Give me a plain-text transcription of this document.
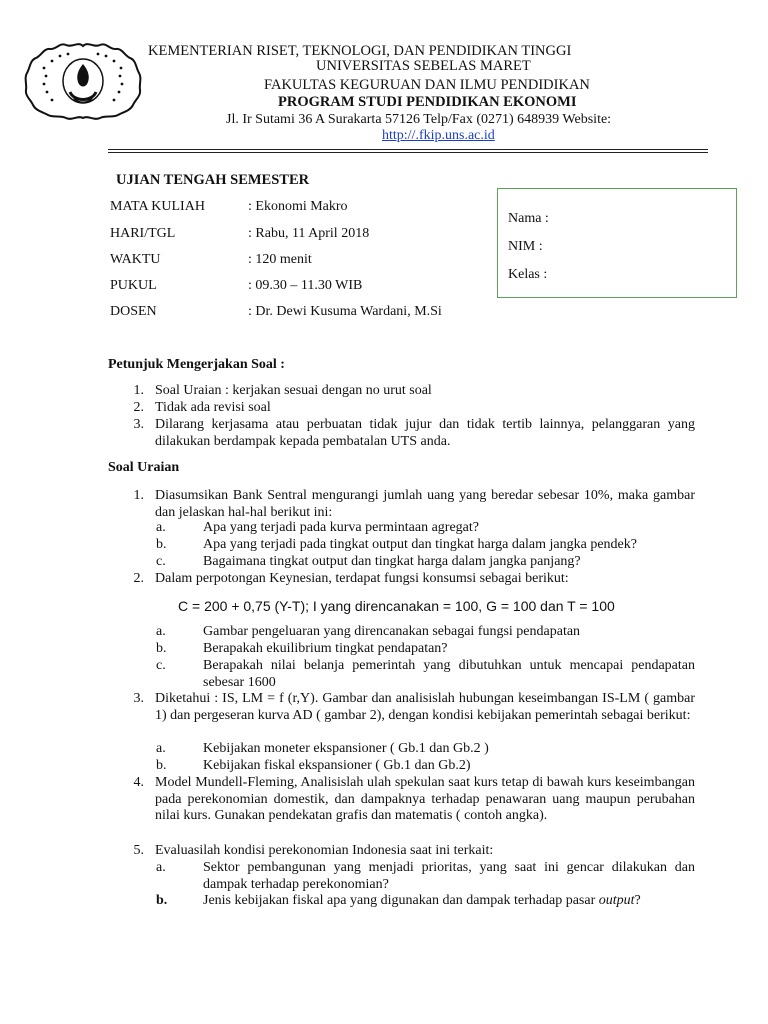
KEMENTERIAN RISET, TEKNOLOGI, DAN PENDIDIKAN TINGGI
UNIVERSITAS SEBELAS MARET
FAKULTAS KEGURUAN DAN ILMU PENDIDIKAN
PROGRAM STUDI PENDIDIKAN EKONOMI
Jl. Ir Sutami 36 A Surakarta 57126 Telp/Fax (0271) 648939 Website:
http://.fkip.uns.ac.id
UJIAN TENGAH SEMESTER
MATA KULIAH	: Ekonomi Makro
HARI/TGL	: Rabu, 11 April 2018
WAKTU	: 120 menit
PUKUL	: 09.30 – 11.30 WIB
DOSEN	: Dr. Dewi Kusuma Wardani, M.Si
Nama :
NIM :
Kelas :
Petunjuk Mengerjakan Soal :
1. Soal Uraian : kerjakan sesuai dengan no urut soal
2. Tidak ada revisi soal
3. Dilarang kerjasama atau perbuatan tidak jujur dan tidak tertib lainnya, pelanggaran yang dilakukan berdampak kepada pembatalan UTS anda.
Soal Uraian
1. Diasumsikan Bank Sentral mengurangi jumlah uang yang beredar sebesar 10%, maka gambar dan jelaskan hal-hal berikut ini:
a.	Apa yang terjadi pada kurva permintaan agregat?
b.	Apa yang terjadi pada tingkat output dan tingkat harga dalam jangka pendek?
c.	Bagaimana tingkat output dan tingkat harga dalam jangka panjang?
2. Dalam perpotongan Keynesian, terdapat fungsi konsumsi sebagai berikut:
C = 200 + 0,75 (Y-T); I yang direncanakan = 100, G = 100 dan T = 100
a.	Gambar pengeluaran yang direncanakan sebagai fungsi pendapatan
b.	Berapakah ekuilibrium tingkat pendapatan?
c.	Berapakah nilai belanja pemerintah yang dibutuhkan untuk mencapai pendapatan sebesar 1600
3. Diketahui : IS, LM = f (r,Y). Gambar dan analisislah hubungan keseimbangan IS-LM ( gambar 1) dan pergeseran kurva AD ( gambar 2), dengan kondisi kebijakan pemerintah sebagai berikut:
a.	Kebijakan moneter ekspansioner ( Gb.1 dan Gb.2 )
b.	Kebijakan fiskal ekspansioner ( Gb.1 dan Gb.2)
4. Model Mundell-Fleming, Analisislah ulah spekulan saat kurs tetap di bawah kurs keseimbangan pada perekonomian domestik, dan dampaknya terhadap penawaran uang maupun perubahan nilai kurs. Gunakan pendekatan grafis dan matematis ( contoh angka).
5. Evaluasilah kondisi perekonomian Indonesia saat ini terkait:
a.	Sektor pembangunan yang menjadi prioritas, yang saat ini gencar dilakukan dan dampak terhadap perekonomian?
b.	Jenis kebijakan fiskal apa yang digunakan dan dampak terhadap pasar output?
